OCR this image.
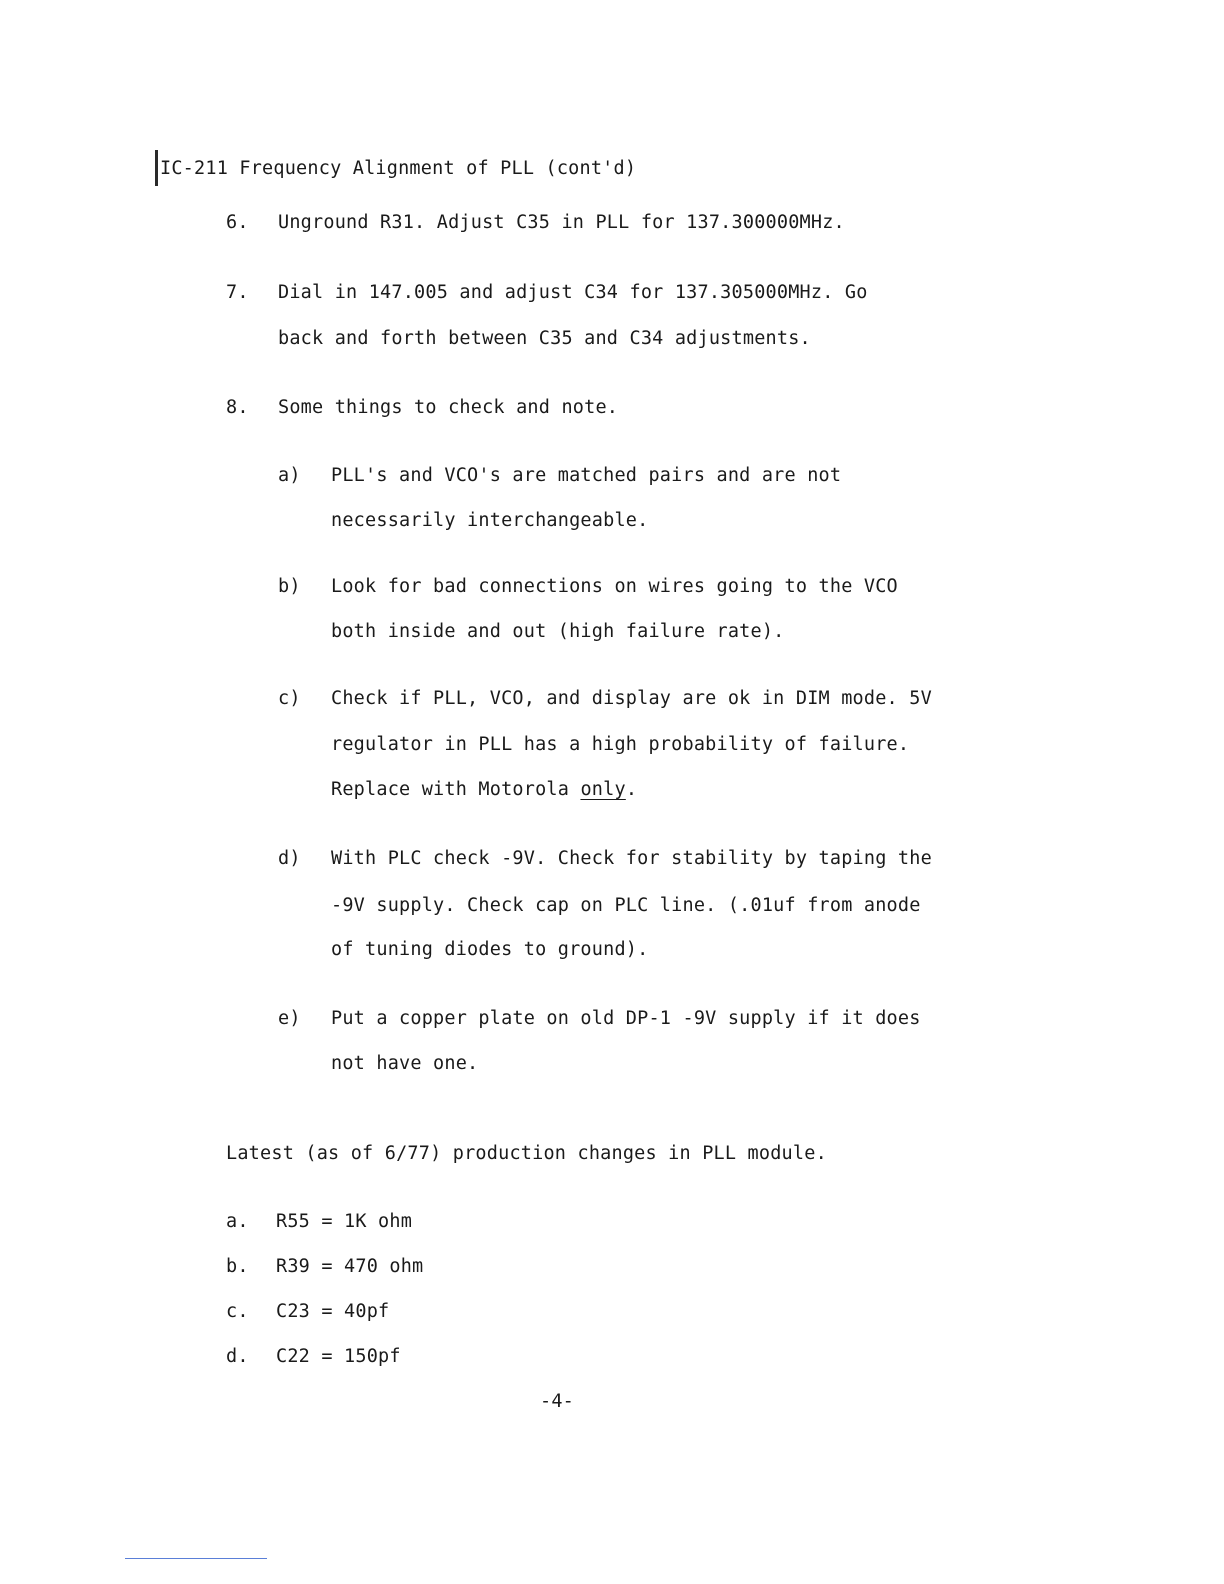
IC-211 Frequency Alignment of PLL (cont'd)
6. Unground R31. Adjust C35 in PLL for 137.300000MHz.
7. Dial in 147.005 and adjust C34 for 137.305000MHz. Go
back and forth between C35 and C34 adjustments.
8. Some things to check and note.
a) PLL's and VCO's are matched pairs and are not
necessarily interchangeable.
b) Look for bad connections on wires going to the VCO
both inside and out (high failure rate).
c) Check if PLL, VCO, and display are ok in DIM mode. 5V
regulator in PLL has a high probability of failure.
Replace with Motorola only.
d) With PLC check -9V. Check for stability by taping the
-9V supply. Check cap on PLC line. (.01uf from anode
of tuning diodes to ground).
e) Put a copper plate on old DP-1 -9V supply if it does
not have one.
Latest (as of 6/77) production changes in PLL module.
a. R55 = 1K ohm
b. R39 = 470 ohm
c. C23 = 40pf
d. C22 = 150pf
-4-
